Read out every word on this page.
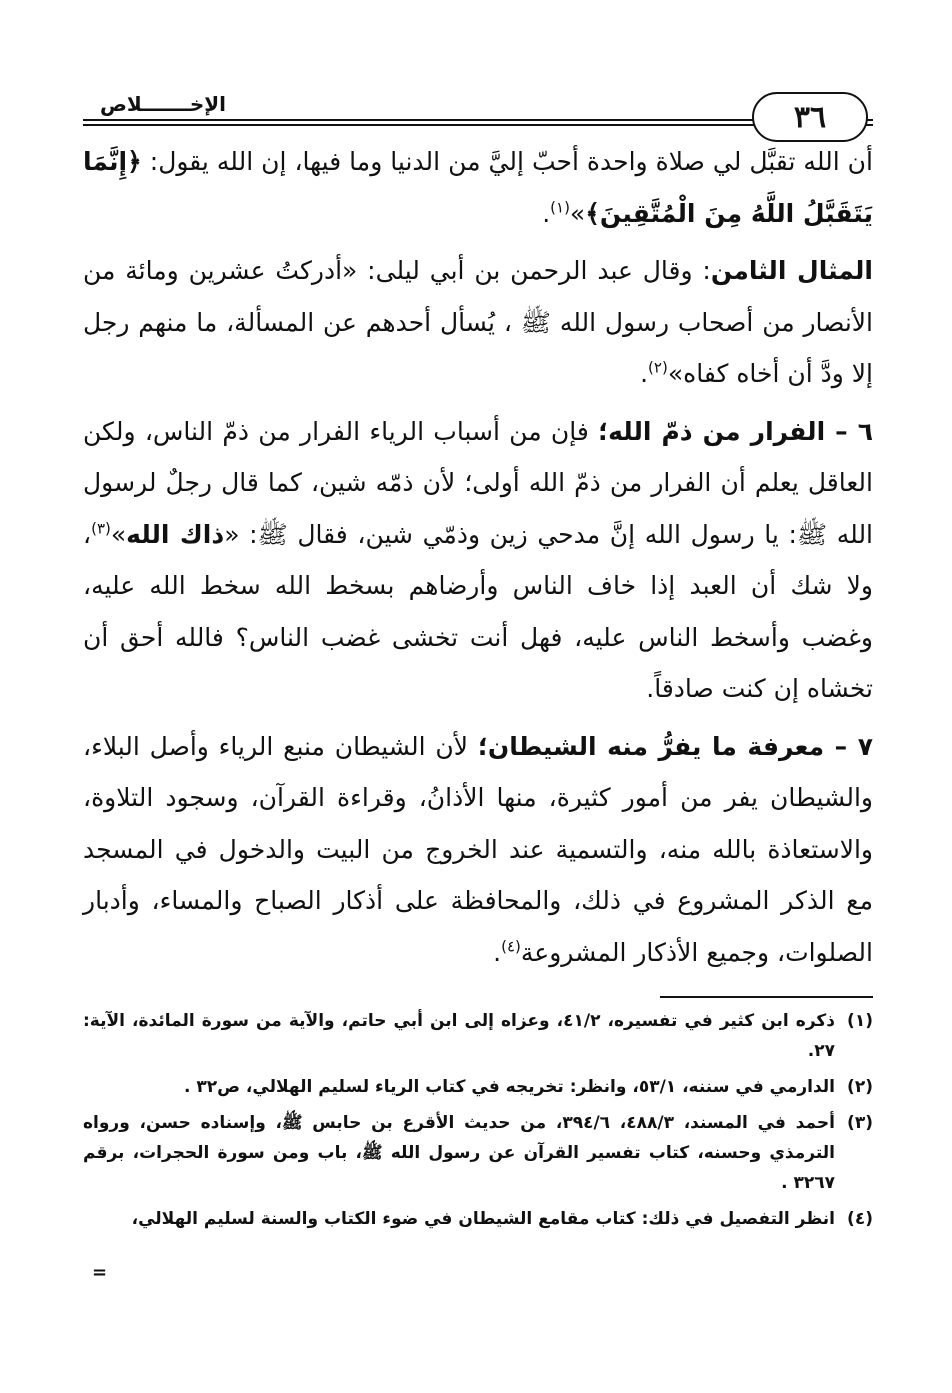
٣٦
الإخـــــــلاص

أن الله تقبَّل لي صلاة واحدة أحبّ إليَّ من الدنيا وما فيها، إن الله يقول: ﴿إِنَّمَا يَتَقَبَّلُ اللَّهُ مِنَ الْمُتَّقِينَ﴾»$^{(١)}$.

المثال الثامن: وقال عبد الرحمن بن أبي ليلى: «أدركتُ عشرين ومائة من الأنصار من أصحاب رسول الله ﷺ ، يُسأل أحدهم عن المسألة، ما منهم رجل إلا ودَّ أن أخاه كفاه»$^{(٢)}$.

٦ – الفرار من ذمّ الله؛ فإن من أسباب الرياء الفرار من ذمّ الناس، ولكن العاقل يعلم أن الفرار من ذمّ الله أولى؛ لأن ذمّه شين، كما قال رجلٌ لرسول الله ﷺ: يا رسول الله إنَّ مدحي زين وذمّي شين، فقال ﷺ: «ذاك الله»$^{(٣)}$، ولا شك أن العبد إذا خاف الناس وأرضاهم بسخط الله سخط الله عليه، وغضب وأسخط الناس عليه، فهل أنت تخشى غضب الناس؟ فالله أحق أن تخشاه إن كنت صادقاً.

٧ – معرفة ما يفرُّ منه الشيطان؛ لأن الشيطان منبع الرياء وأصل البلاء، والشيطان يفر من أمور كثيرة، منها الأذانُ، وقراءة القرآن، وسجود التلاوة، والاستعاذة بالله منه، والتسمية عند الخروج من البيت والدخول في المسجد مع الذكر المشروع في ذلك، والمحافظة على أذكار الصباح والمساء، وأدبار الصلوات، وجميع الأذكار المشروعة$^{(٤)}$.

(١)
ذكره ابن كثير في تفسيره، ٤١/٢، وعزاه إلى ابن أبي حاتم، والآية من سورة المائدة، الآية: ٢٧.
(٢)
الدارمي في سننه، ٥٣/١، وانظر: تخريجه في كتاب الرياء لسليم الهلالي، ص٣٢ .
(٣)
أحمد في المسند، ٤٨٨/٣، ٣٩٤/٦، من حديث الأقرع بن حابس ﷺ، وإسناده حسن، ورواه الترمذي وحسنه، كتاب تفسير القرآن عن رسول الله ﷺ، باب ومن سورة الحجرات، برقم ٣٢٦٧ .
(٤)
انظر التفصيل في ذلك: كتاب مقامع الشيطان في ضوء الكتاب والسنة لسليم الهلالي،
=
